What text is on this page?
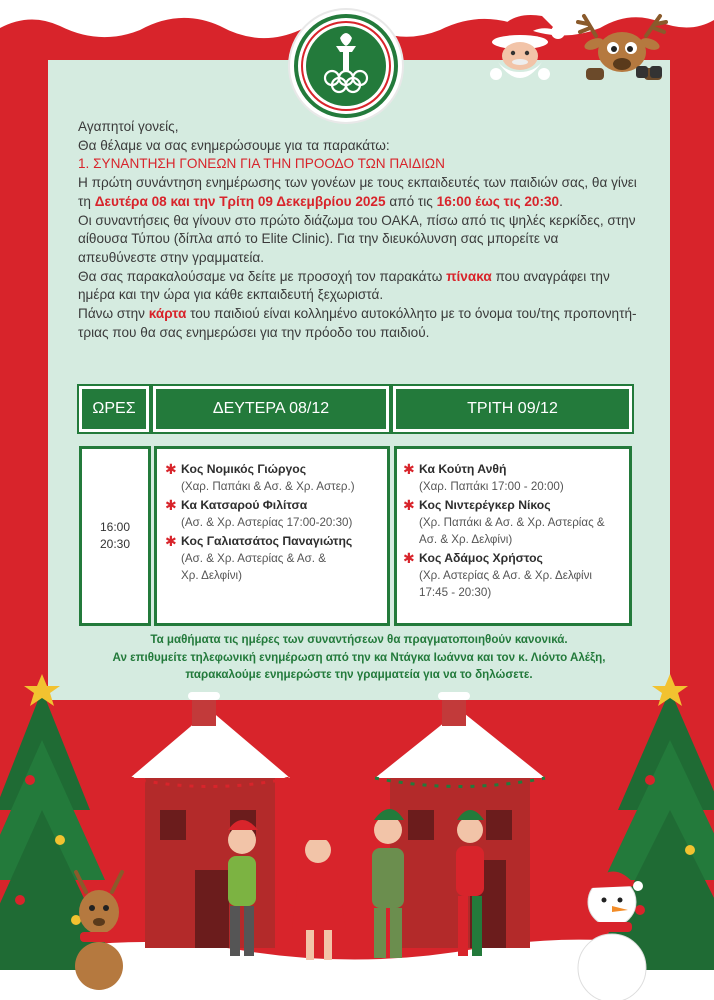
Αγαπητοί γονείς,

Θα θέλαμε να σας ενημερώσουμε για τα παρακάτω:

1. ΣΥΝΑΝΤΗΣΗ ΓΟΝΕΩΝ ΓΙΑ ΤΗΝ ΠΡΟΟΔΟ ΤΩΝ ΠΑΙΔΙΩΝ

Η πρώτη συνάντηση ενημέρωσης των γονέων με τους εκπαιδευτές των παιδιών σας, θα γίνει τη Δευτέρα 08 και την Τρίτη 09 Δεκεμβρίου 2025 από τις 16:00 έως τις 20:30.

Οι συναντήσεις θα γίνουν στο πρώτο διάζωμα του ΟΑΚΑ, πίσω από τις ψηλές κερκίδες, στην αίθουσα Τύπου (δίπλα από το Elite Clinic). Για την διευκόλυνση σας μπορείτε να απευθύνεστε στην γραμματεία.

Θα σας παρακαλούσαμε να δείτε με προσοχή τον παρακάτω πίνακα που αναγράφει την ημέρα και την ώρα για κάθε εκπαιδευτή ξεχωριστά.

Πάνω στην κάρτα του παιδιού είναι κολλημένο αυτοκόλλητο με το όνομα του/της προπονητή-τριας που θα σας ενημερώσει για την πρόοδο του παιδιού.

ΩΡΕΣ	ΔΕΥΤΕΡΑ 08/12	ΤΡΙΤΗ 09/12
16:00
20:30
✱ Κος Νομικός Γιώργος
(Χαρ. Παπάκι & Ασ. & Χρ. Αστερ.)
✱ Κα Κατσαρού Φιλίτσα
(Ασ. & Χρ. Αστερίας 17:00-20:30)
✱ Κος Γαλιατσάτος Παναγιώτης
(Ασ. & Χρ. Αστερίας & Ασ. & Χρ. Δελφίνι)
✱ Κα Κούτη Ανθή
(Χαρ. Παπάκι 17:00 - 20:00)
✱ Κος Νιντερέγκερ Νίκος
(Χρ. Παπάκι & Ασ. & Χρ. Αστερίας & Ασ. & Χρ. Δελφίνι)
✱ Κος Αδάμος Χρήστος
(Χρ. Αστερίας & Ασ. & Χρ. Δελφίνι 17:45 - 20:30)
Τα μαθήματα τις ημέρες των συναντήσεων θα πραγματοποιηθούν κανονικά.
Αν επιθυμείτε τηλεφωνική ενημέρωση από την κα Ντάγκα Ιωάννα και τον κ. Λιόντο Αλέξη,
παρακαλούμε ενημερώστε την γραμματεία για να το δηλώσετε.
